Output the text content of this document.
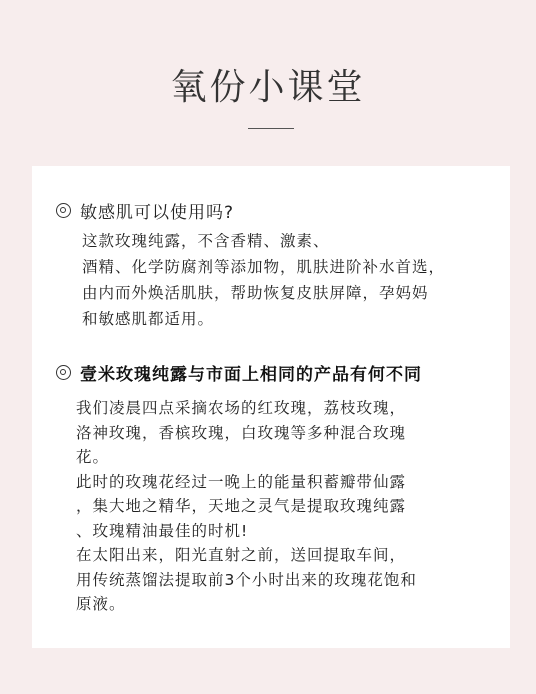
氧份小课堂
敏感肌可以使用吗?
这款玫瑰纯露，不含香精、激素、
酒精、化学防腐剂等添加物，肌肤进阶补水首选，
由内而外焕活肌肤，帮助恢复皮肤屏障，孕妈妈
和敏感肌都适用。
壹米玫瑰纯露与市面上相同的产品有何不同
我们凌晨四点采摘农场的红玫瑰，荔枝玫瑰，
洛神玫瑰，香槟玫瑰，白玫瑰等多种混合玫瑰
花。
此时的玫瑰花经过一晚上的能量积蓄瓣带仙露
，集大地之精华，天地之灵气是提取玫瑰纯露
、玫瑰精油最佳的时机!
在太阳出来，阳光直射之前，送回提取车间，
用传统蒸馏法提取前3个小时出来的玫瑰花饱和
原液。
